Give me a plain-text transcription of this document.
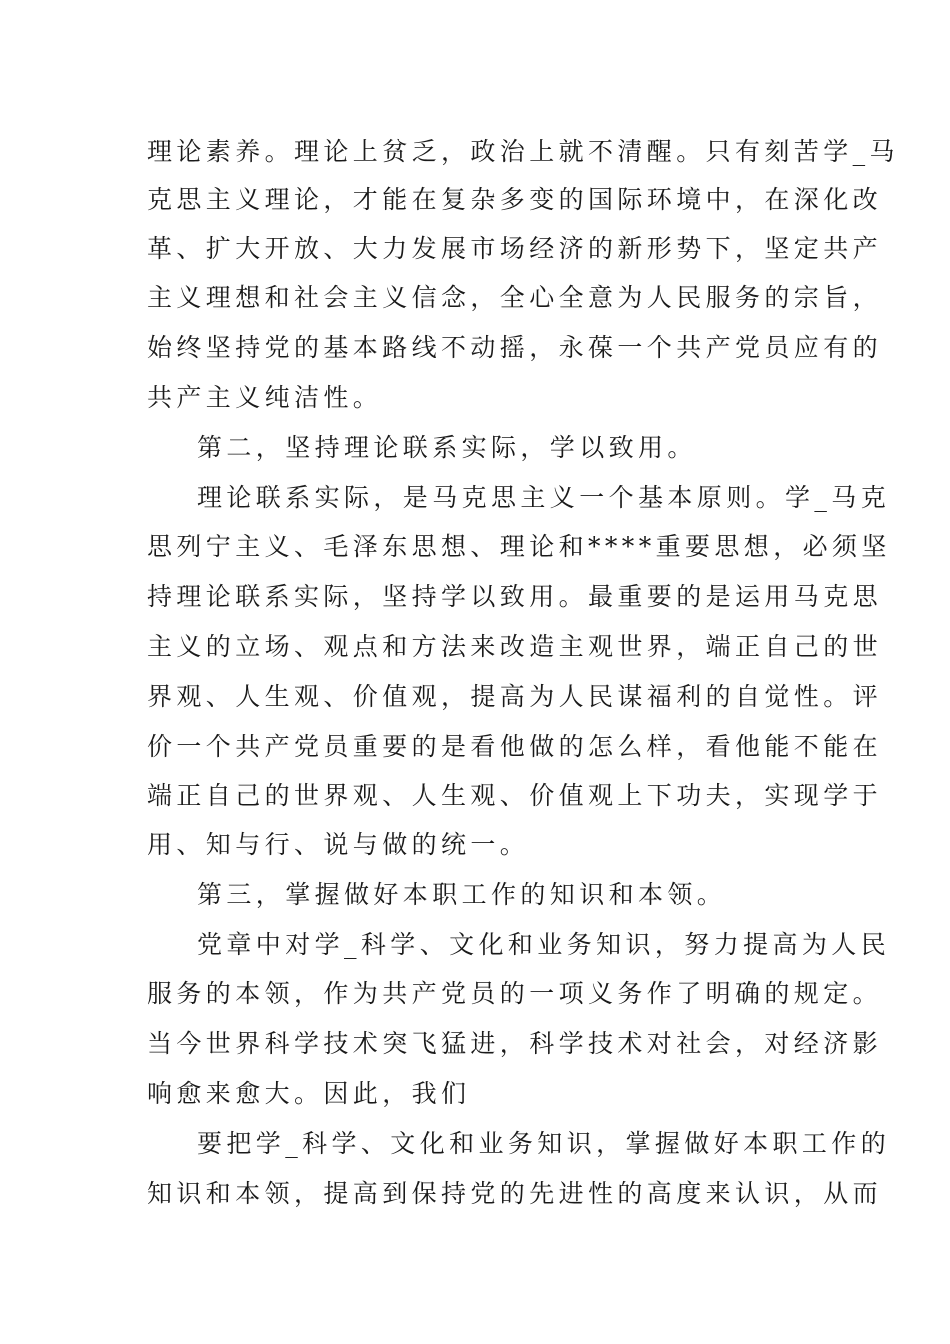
理论素养。理论上贫乏，政治上就不清醒。只有刻苦学_马
克思主义理论，才能在复杂多变的国际环境中，在深化改
革、扩大开放、大力发展市场经济的新形势下，坚定共产
主义理想和社会主义信念，全心全意为人民服务的宗旨，
始终坚持党的基本路线不动摇，永葆一个共产党员应有的
共产主义纯洁性。
第二，坚持理论联系实际，学以致用。
理论联系实际，是马克思主义一个基本原则。学_马克
思列宁主义、毛泽东思想、理论和****重要思想，必须坚
持理论联系实际，坚持学以致用。最重要的是运用马克思
主义的立场、观点和方法来改造主观世界，端正自己的世
界观、人生观、价值观，提高为人民谋福利的自觉性。评
价一个共产党员重要的是看他做的怎么样，看他能不能在
端正自己的世界观、人生观、价值观上下功夫，实现学于
用、知与行、说与做的统一。
第三，掌握做好本职工作的知识和本领。
党章中对学_科学、文化和业务知识，努力提高为人民
服务的本领，作为共产党员的一项义务作了明确的规定。
当今世界科学技术突飞猛进，科学技术对社会，对经济影
响愈来愈大。因此，我们
要把学_科学、文化和业务知识，掌握做好本职工作的
知识和本领，提高到保持党的先进性的高度来认识，从而
